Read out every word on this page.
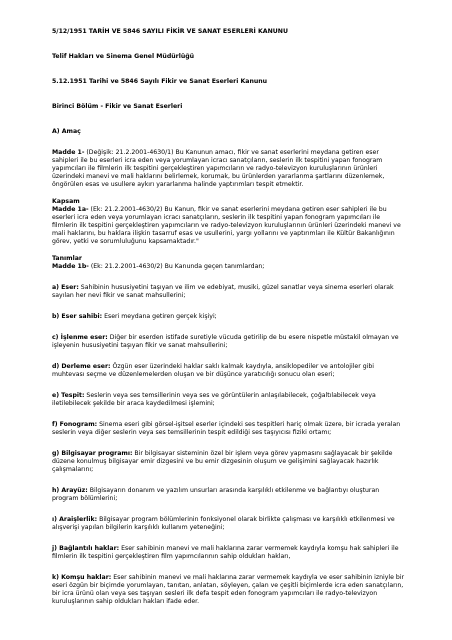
5/12/1951 TARİH VE 5846 SAYILI FİKİR VE SANAT ESERLERİ KANUNU

Telif Hakları ve Sinema Genel Müdürlüğü

5.12.1951 Tarihi ve 5846 Sayılı Fikir ve Sanat Eserleri Kanunu

Birinci Bölüm - Fikir ve Sanat Eserleri

A) Amaç

Madde 1- (Değişik: 21.2.2001-4630/1) Bu Kanunun amacı, fikir ve sanat eserlerini meydana getiren eser sahipleri ile bu eserleri icra eden veya yorumlayan icracı sanatçıların, seslerin ilk tespitini yapan fonogram yapımcıları ile filmlerin ilk tespitini gerçekleştiren yapımcıların ve radyo-televizyon kuruluşlarının ürünleri üzerindeki manevi ve mali haklarını belirlemek, korumak, bu ürünlerden yararlanma şartlarını düzenlemek, öngörülen esas ve usullere aykırı yararlanma halinde yaptırımları tespit etmektir.

Kapsam

Madde 1a- (Ek: 21.2.2001-4630/2) Bu Kanun, fikir ve sanat eserlerini meydana getiren eser sahipleri ile bu eserleri icra eden veya yorumlayan icracı sanatçıların, seslerin ilk tespitini yapan fonogram yapımcıları ile filmlerin ilk tespitini gerçekleştiren yapımcıların ve radyo-televizyon kuruluşlarının ürünleri üzerindeki manevi ve mali haklarını, bu haklara ilişkin tasarruf esas ve usullerini, yargı yollarını ve yaptırımları ile Kültür Bakanlığının görev, yetki ve sorumluluğunu kapsamaktadır."

Tanımlar

Madde 1b- (Ek: 21.2.2001-4630/2) Bu Kanunda geçen tanımlardan;

a) Eser: Sahibinin hususiyetini taşıyan ve ilim ve edebiyat, musiki, güzel sanatlar veya sinema eserleri olarak sayılan her nevi fikir ve sanat mahsullerini;

b) Eser sahibi: Eseri meydana getiren gerçek kişiyi;

c) İşlenme eser: Diğer bir eserden istifade suretiyle vücuda getirilip de bu esere nispetle müstakil olmayan ve işleyenin hususiyetini taşıyan fikir ve sanat mahsullerini;

d) Derleme eser: Özgün eser üzerindeki haklar saklı kalmak kaydıyla, ansiklopediler ve antolojiler gibi muhtevası seçme ve düzenlemelerden oluşan ve bir düşünce yaratıcılığı sonucu olan eseri;

e) Tespit: Seslerin veya ses temsillerinin veya ses ve görüntülerin anlaşılabilecek, çoğaltılabilecek veya iletilebilecek şekilde bir araca kaydedilmesi işlemini;

f) Fonogram: Sinema eseri gibi görsel-işitsel eserler içindeki ses tespitleri hariç olmak üzere, bir icrada yeralan seslerin veya diğer seslerin veya ses temsillerinin tespit edildiği ses taşıyıcısı fiziki ortamı;

g) Bilgisayar programı: Bir bilgisayar sisteminin özel bir işlem veya görev yapmasını sağlayacak bir şekilde düzene konulmuş bilgisayar emir dizgesini ve bu emir dizgesinin oluşum ve gelişimini sağlayacak hazırlık çalışmalarını;

h) Arayüz: Bilgisayarın donanım ve yazılım unsurları arasında karşılıklı etkilenme ve bağlantıyı oluşturan program bölümlerini;

ı) Araişlerlik: Bilgisayar program bölümlerinin fonksiyonel olarak birlikte çalışması ve karşılıklı etkilenmesi ve alışverişi yapılan bilgilerin karşılıklı kullanım yeteneğini;

j) Bağlantılı haklar: Eser sahibinin manevi ve mali haklarına zarar vermemek kaydıyla komşu hak sahipleri ile filmlerin ilk tespitini gerçekleştiren film yapımcılarının sahip oldukları hakları,

k) Komşu haklar: Eser sahibinin manevi ve mali haklarına zarar vermemek kaydıyla ve eser sahibinin izniyle bir eseri özgün bir biçimde yorumlayan, tanıtan, anlatan, söyleyen, çalan ve çeşitli biçimlerde icra eden sanatçıların, bir icra ürünü olan veya ses taşıyan sesleri ilk defa tespit eden fonogram yapımcıları ile radyo-televizyon kuruluşlarının sahip oldukları hakları ifade eder.
